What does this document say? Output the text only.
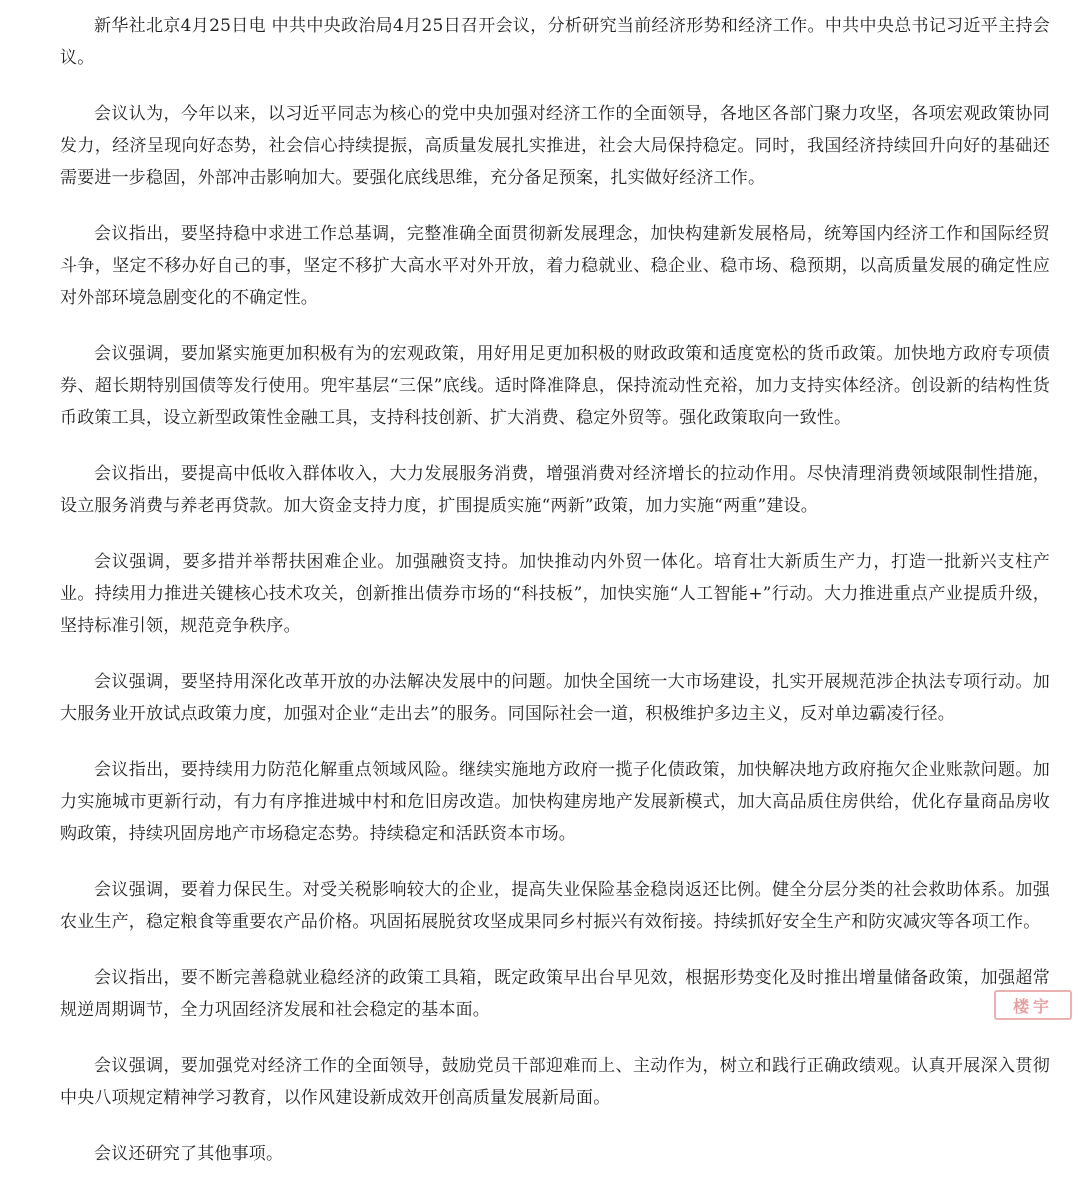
新华社北京4月25日电 中共中央政治局4月25日召开会议，分析研究当前经济形势和经济工作。中共中央总书记习近平主持会议。

会议认为，今年以来，以习近平同志为核心的党中央加强对经济工作的全面领导，各地区各部门聚力攻坚，各项宏观政策协同发力，经济呈现向好态势，社会信心持续提振，高质量发展扎实推进，社会大局保持稳定。同时，我国经济持续回升向好的基础还需要进一步稳固，外部冲击影响加大。要强化底线思维，充分备足预案，扎实做好经济工作。

会议指出，要坚持稳中求进工作总基调，完整准确全面贯彻新发展理念，加快构建新发展格局，统筹国内经济工作和国际经贸斗争，坚定不移办好自己的事，坚定不移扩大高水平对外开放，着力稳就业、稳企业、稳市场、稳预期，以高质量发展的确定性应对外部环境急剧变化的不确定性。

会议强调，要加紧实施更加积极有为的宏观政策，用好用足更加积极的财政政策和适度宽松的货币政策。加快地方政府专项债券、超长期特别国债等发行使用。兜牢基层“三保”底线。适时降准降息，保持流动性充裕，加力支持实体经济。创设新的结构性货币政策工具，设立新型政策性金融工具，支持科技创新、扩大消费、稳定外贸等。强化政策取向一致性。

会议指出，要提高中低收入群体收入，大力发展服务消费，增强消费对经济增长的拉动作用。尽快清理消费领域限制性措施，设立服务消费与养老再贷款。加大资金支持力度，扩围提质实施“两新”政策，加力实施“两重”建设。

会议强调，要多措并举帮扶困难企业。加强融资支持。加快推动内外贸一体化。培育壮大新质生产力，打造一批新兴支柱产业。持续用力推进关键核心技术攻关，创新推出债券市场的“科技板”，加快实施“人工智能+”行动。大力推进重点产业提质升级，坚持标准引领，规范竞争秩序。

会议强调，要坚持用深化改革开放的办法解决发展中的问题。加快全国统一大市场建设，扎实开展规范涉企执法专项行动。加大服务业开放试点政策力度，加强对企业“走出去”的服务。同国际社会一道，积极维护多边主义，反对单边霸凌行径。

会议指出，要持续用力防范化解重点领域风险。继续实施地方政府一揽子化债政策，加快解决地方政府拖欠企业账款问题。加力实施城市更新行动，有力有序推进城中村和危旧房改造。加快构建房地产发展新模式，加大高品质住房供给，优化存量商品房收购政策，持续巩固房地产市场稳定态势。持续稳定和活跃资本市场。

会议强调，要着力保民生。对受关税影响较大的企业，提高失业保险基金稳岗返还比例。健全分层分类的社会救助体系。加强农业生产，稳定粮食等重要农产品价格。巩固拓展脱贫攻坚成果同乡村振兴有效衔接。持续抓好安全生产和防灾减灾等各项工作。

会议指出，要不断完善稳就业稳经济的政策工具箱，既定政策早出台早见效，根据形势变化及时推出增量储备政策，加强超常规逆周期调节，全力巩固经济发展和社会稳定的基本面。

会议强调，要加强党对经济工作的全面领导，鼓励党员干部迎难而上、主动作为，树立和践行正确政绩观。认真开展深入贯彻中央八项规定精神学习教育，以作风建设新成效开创高质量发展新局面。

会议还研究了其他事项。

楼宇
